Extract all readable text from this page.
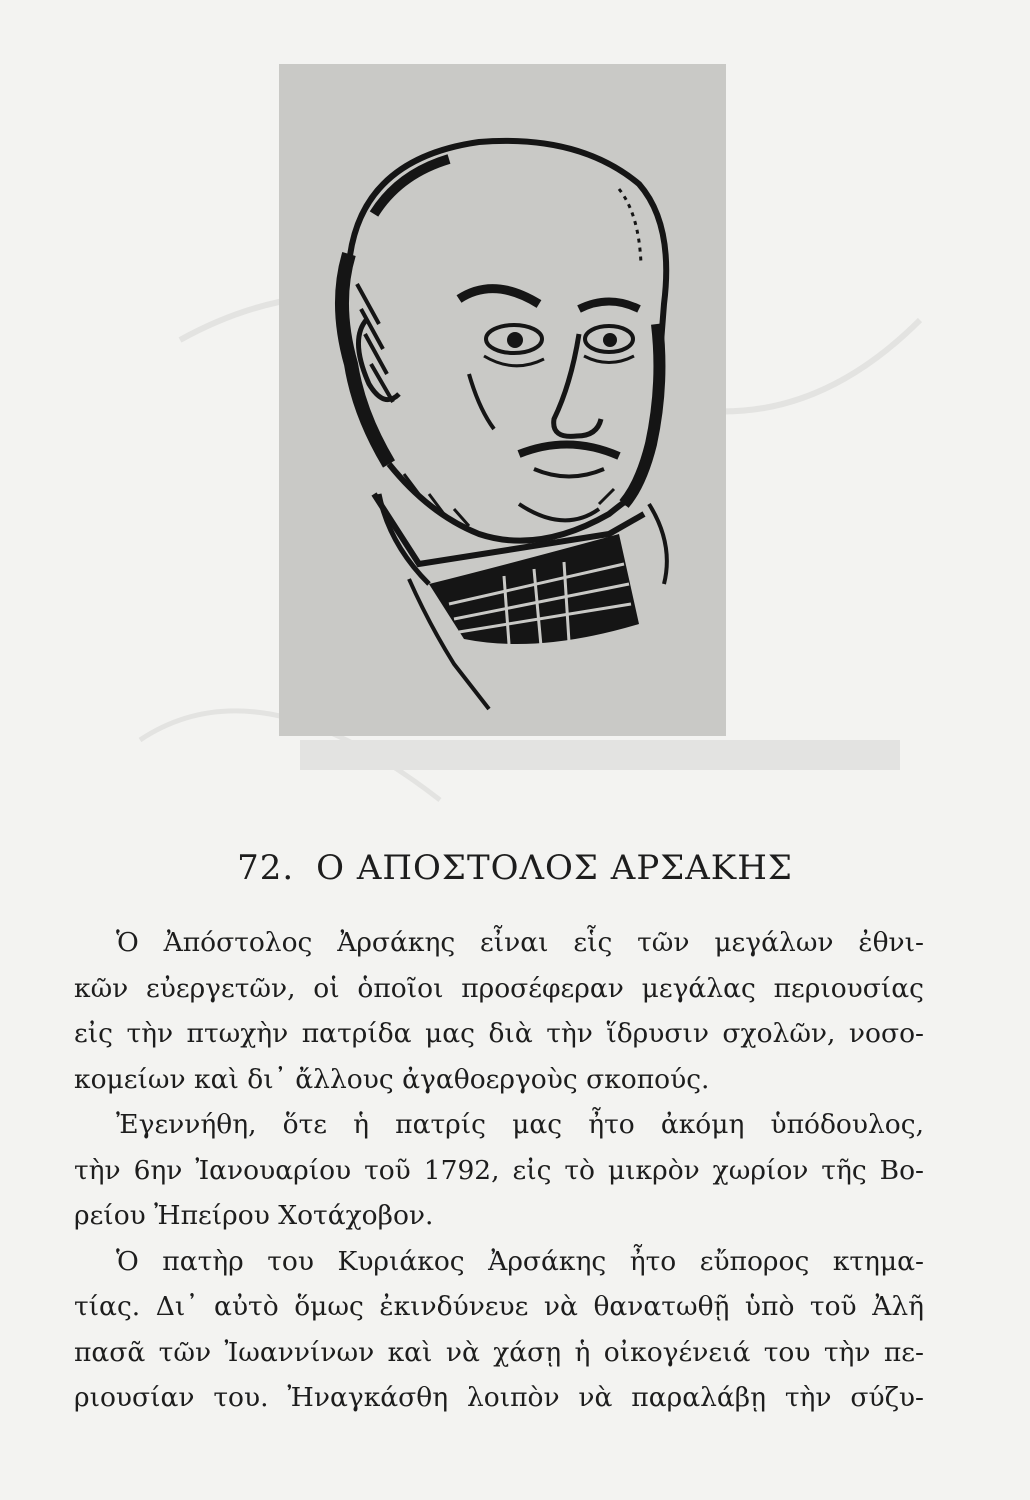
72. Ο ΑΠΟΣΤΟΛΟΣ ΑΡΣΑΚΗΣ
Ὁ Ἀπόστολος Ἀρσάκης εἶναι εἷς τῶν μεγάλων ἐθνι-
κῶν εὐεργετῶν, οἱ ὁποῖοι προσέφεραν μεγάλας περιουσίας
εἰς τὴν πτωχὴν πατρίδα μας διὰ τὴν ἵδρυσιν σχολῶν, νοσο-
κομείων καὶ δι᾽ ἄλλους ἀγαθοεργοὺς σκοπούς.
Ἐγεννήθη, ὅτε ἡ πατρίς μας ἦτο ἀκόμη ὑπόδουλος,
τὴν 6ην Ἰανουαρίου τοῦ 1792, εἰς τὸ μικρὸν χωρίον τῆς Βο-
ρείου Ἠπείρου Χοτάχοβον.
Ὁ πατὴρ του Κυριάκος Ἀρσάκης ἦτο εὔπορος κτημα-
τίας. Δι᾽ αὐτὸ ὅμως ἐκινδύνευε νὰ θανατωθῇ ὑπὸ τοῦ Ἀλῆ
πασᾶ τῶν Ἰωαννίνων καὶ νὰ χάσῃ ἡ οἰκογένειά του τὴν πε-
ριουσίαν του. Ἠναγκάσθη λοιπὸν νὰ παραλάβῃ τὴν σύζυ-
